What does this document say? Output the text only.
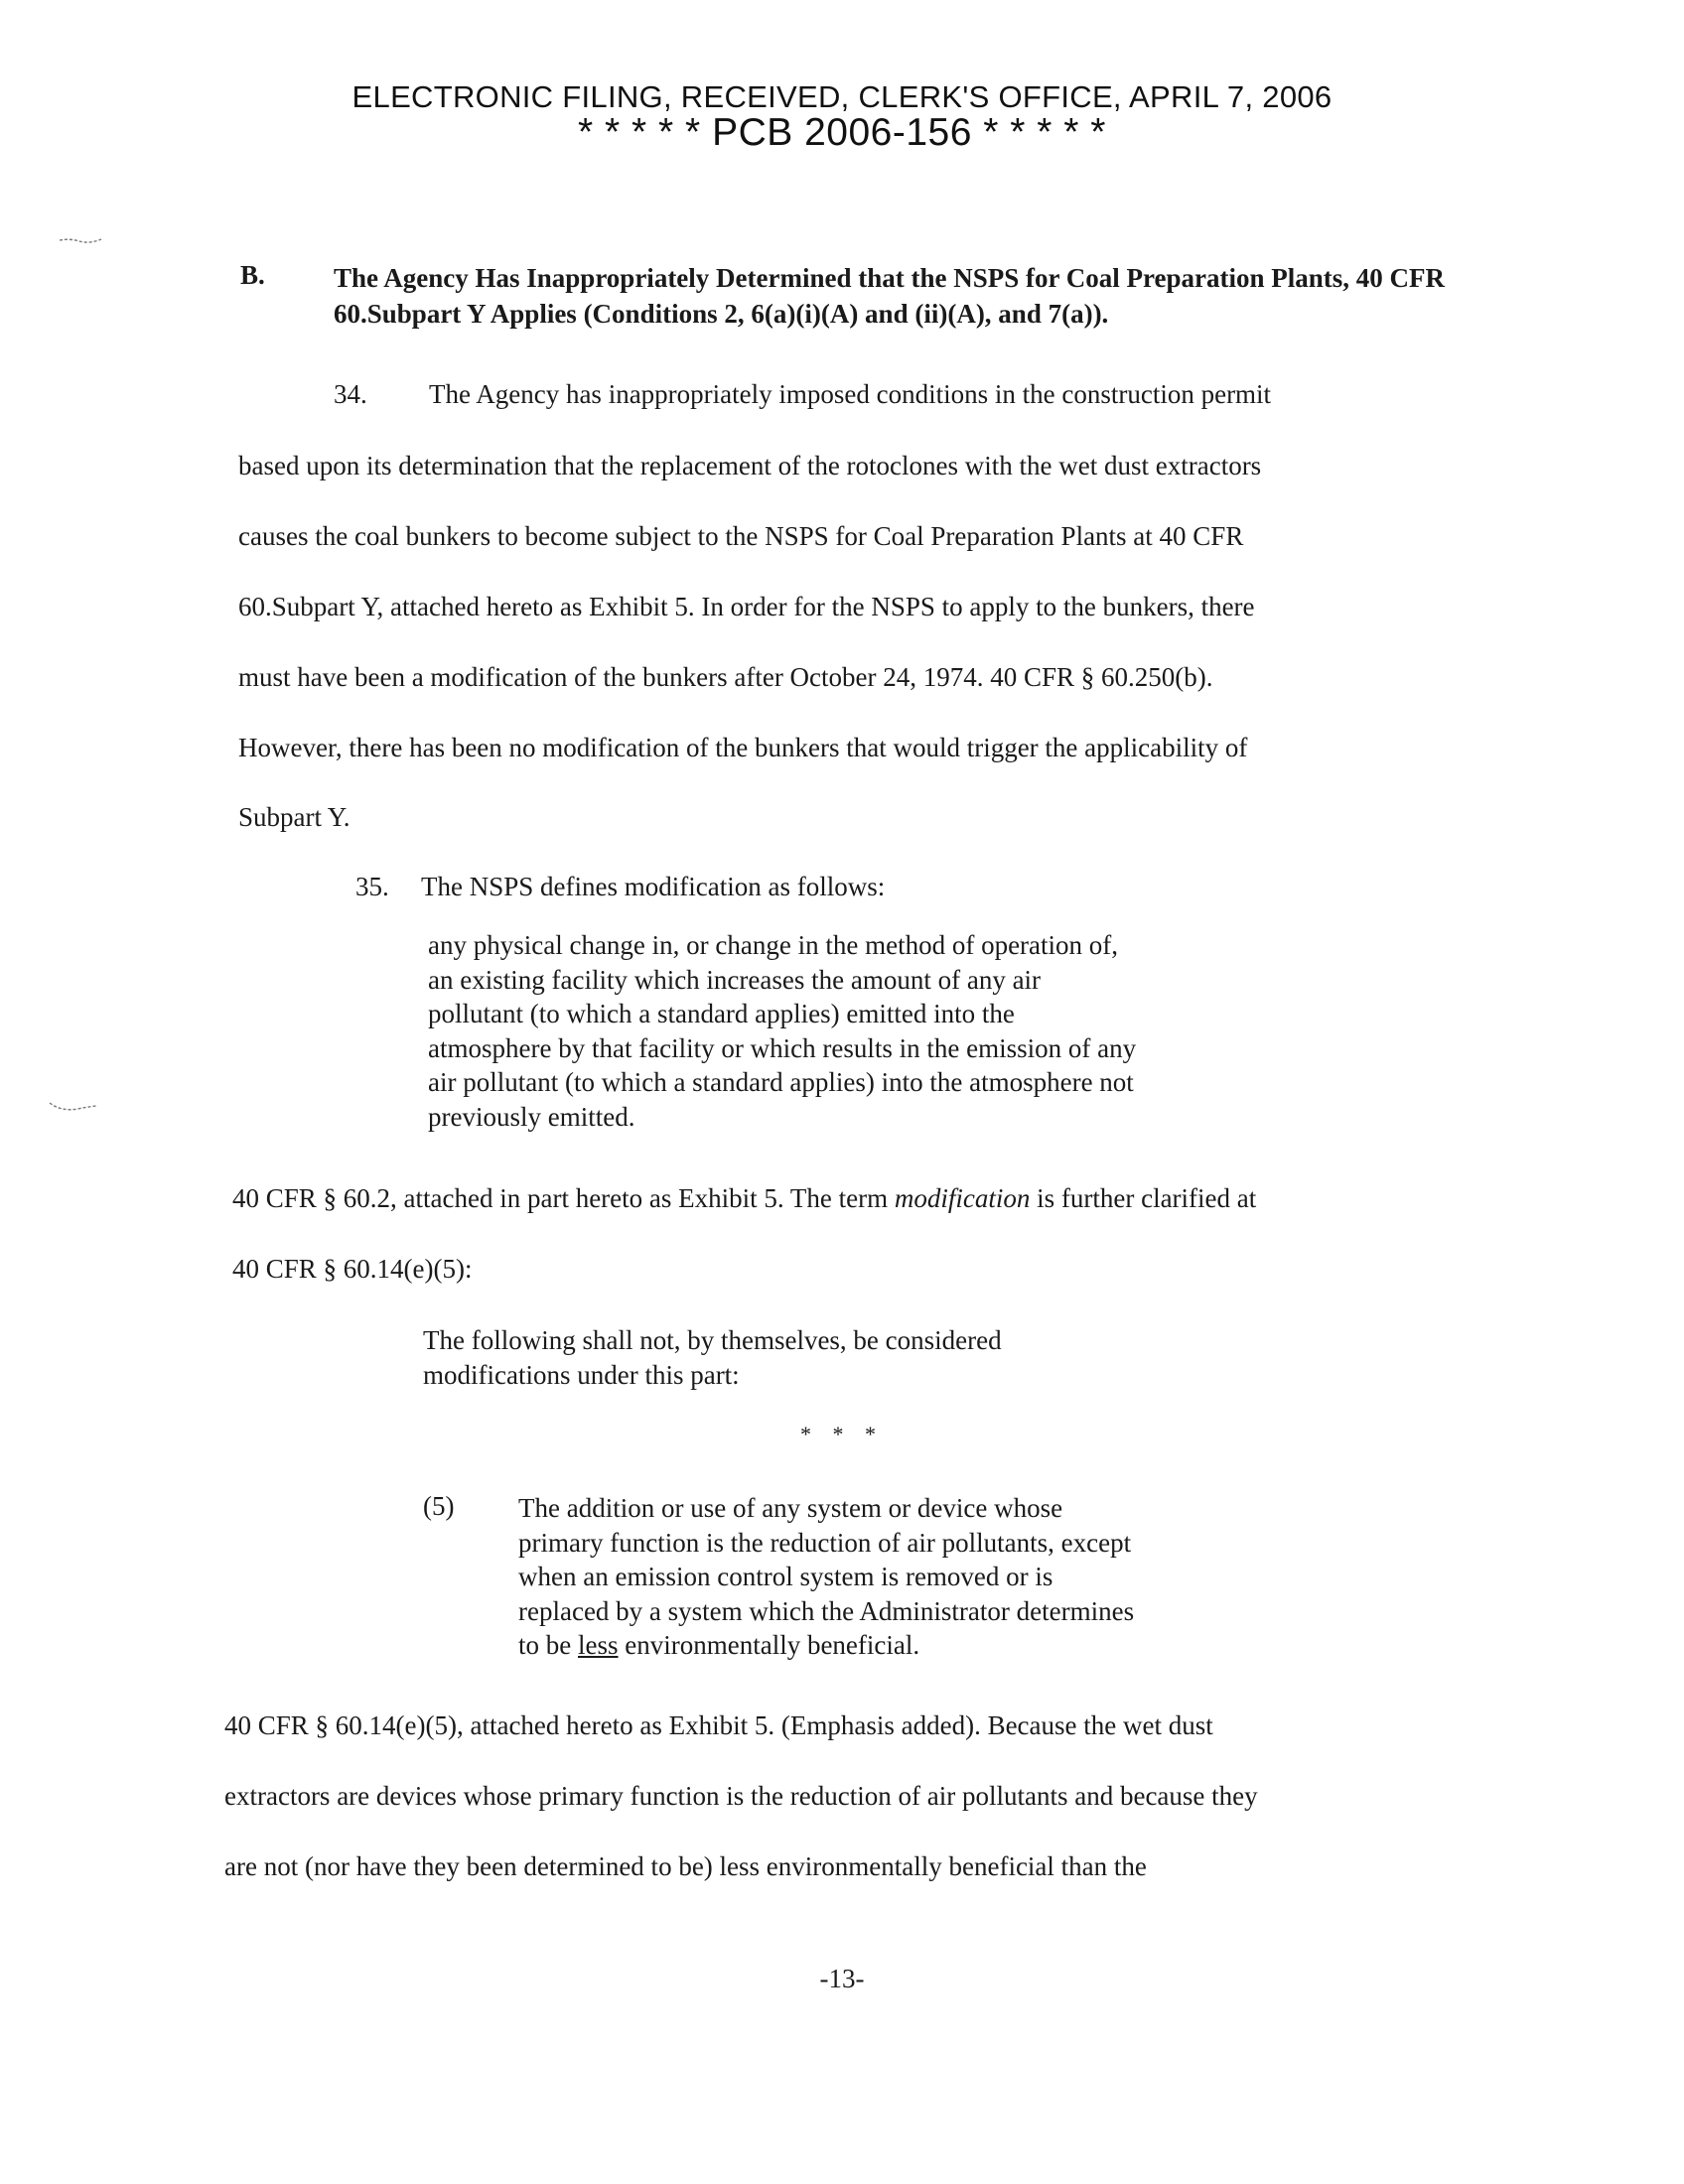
ELECTRONIC FILING, RECEIVED, CLERK'S OFFICE, APRIL 7, 2006
* * * * * PCB 2006-156 * * * * *
B.	The Agency Has Inappropriately Determined that the NSPS for Coal Preparation Plants, 40 CFR 60.Subpart Y Applies (Conditions 2, 6(a)(i)(A) and (ii)(A), and 7(a)).
34. The Agency has inappropriately imposed conditions in the construction permit
based upon its determination that the replacement of the rotoclones with the wet dust extractors
causes the coal bunkers to become subject to the NSPS for Coal Preparation Plants at 40 CFR
60.Subpart Y, attached hereto as Exhibit 5. In order for the NSPS to apply to the bunkers, there
must have been a modification of the bunkers after October 24, 1974. 40 CFR § 60.250(b).
However, there has been no modification of the bunkers that would trigger the applicability of
Subpart Y.
35. The NSPS defines modification as follows:
any physical change in, or change in the method of operation of,
an existing facility which increases the amount of any air
pollutant (to which a standard applies) emitted into the
atmosphere by that facility or which results in the emission of any
air pollutant (to which a standard applies) into the atmosphere not
previously emitted.
40 CFR § 60.2, attached in part hereto as Exhibit 5. The term modification is further clarified at
40 CFR § 60.14(e)(5):
The following shall not, by themselves, be considered
modifications under this part:
* * *
(5) The addition or use of any system or device whose
primary function is the reduction of air pollutants, except
when an emission control system is removed or is
replaced by a system which the Administrator determines
to be less environmentally beneficial.
40 CFR § 60.14(e)(5), attached hereto as Exhibit 5. (Emphasis added). Because the wet dust
extractors are devices whose primary function is the reduction of air pollutants and because they
are not (nor have they been determined to be) less environmentally beneficial than the
-13-
